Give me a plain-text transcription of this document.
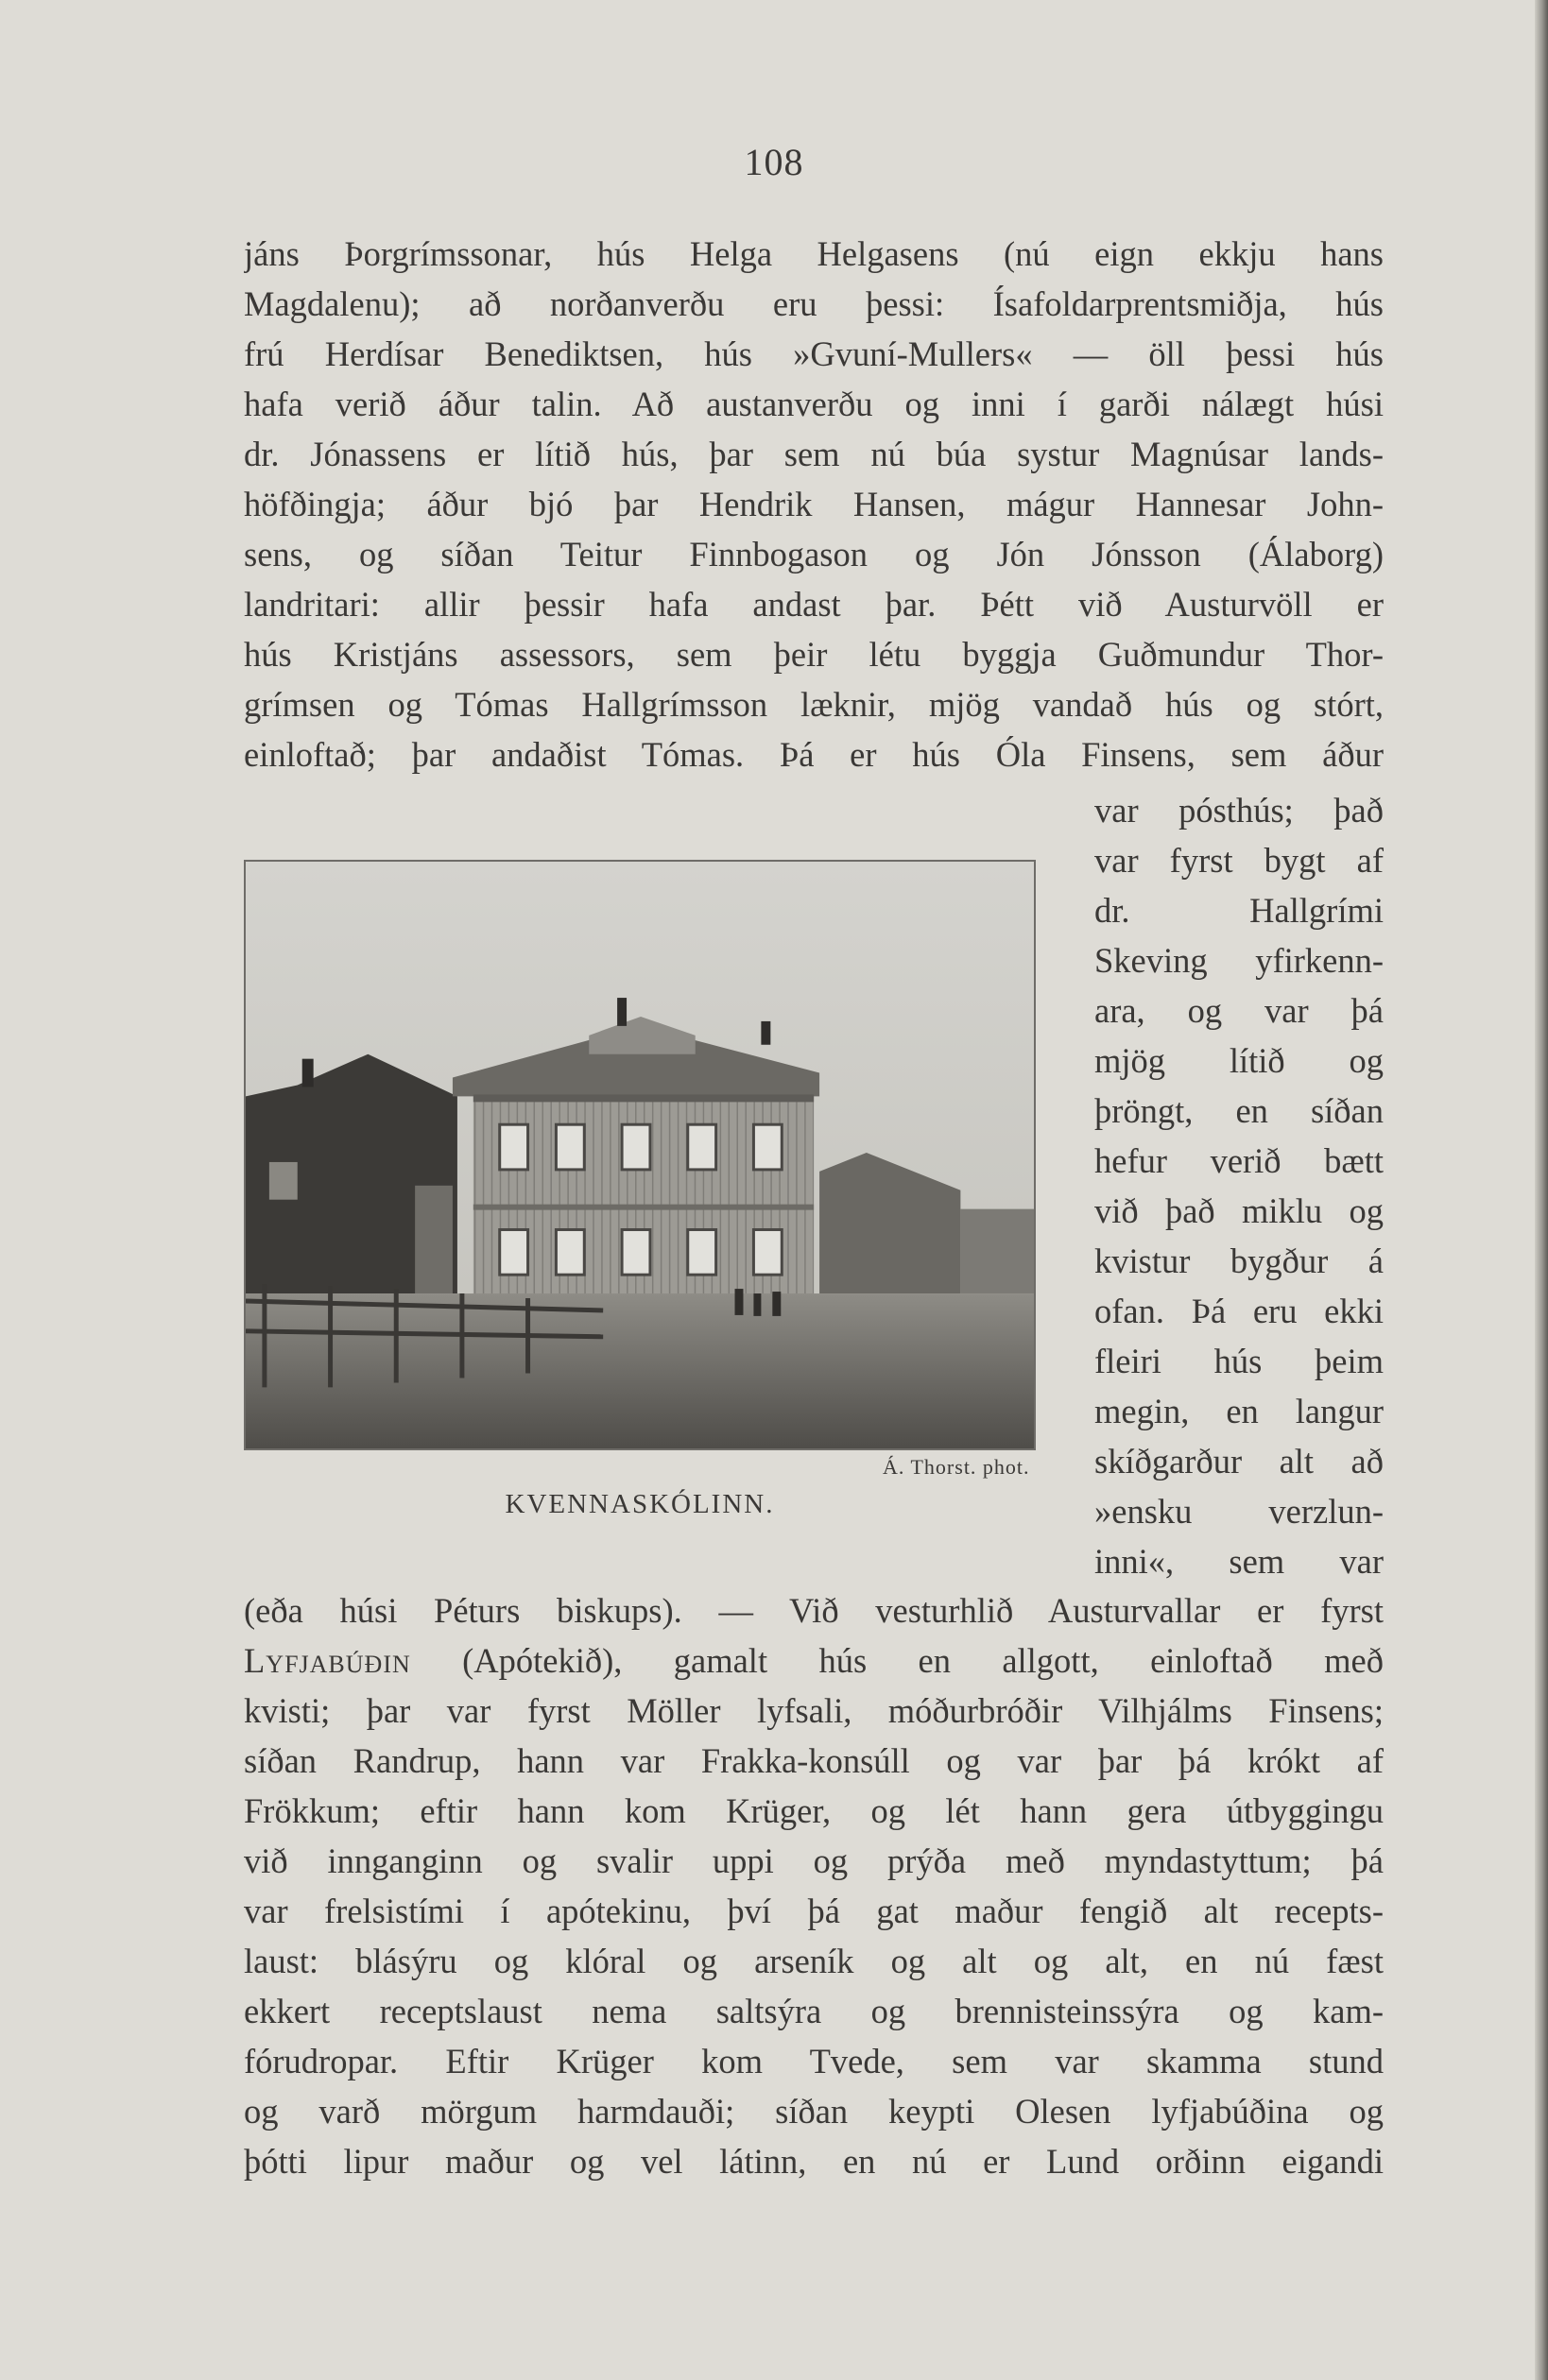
108
jáns Þorgrímssonar, hús Helga Helgasens (nú eign ekkju hans
Magdalenu); að norðanverðu eru þessi: Ísafoldarprentsmiðja, hús
frú Herdísar Benediktsen, hús »Gvuní-Mullers« — öll þessi hús
hafa verið áður talin. Að austanverðu og inni í garði nálægt húsi
dr. Jónassens er lítið hús, þar sem nú búa systur Magnúsar lands-
höfðingja; áður bjó þar Hendrik Hansen, mágur Hannesar John-
sens, og síðan Teitur Finnbogason og Jón Jónsson (Álaborg)
landritari: allir þessir hafa andast þar. Þétt við Austurvöll er
hús Kristjáns assessors, sem þeir létu byggja Guðmundur Thor-
grímsen og Tómas Hallgrímsson læknir, mjög vandað hús og stórt,
einloftað; þar andaðist Tómas. Þá er hús Óla Finsens, sem áður
var pósthús; það
var fyrst bygt af
dr. Hallgrími
Skeving yfirkenn-
ara, og var þá
mjög lítið og
þröngt, en síðan
hefur verið bætt
við það miklu og
kvistur bygður á
ofan. Þá eru ekki
fleiri hús þeim
megin, en langur
skíðgarður alt að
»ensku verzlun-
inni«, sem var
Á. Thorst. phot.
KVENNASKÓLINN.
(eða húsi Péturs biskups). — Við vesturhlið Austurvallar er fyrst
Lyfjabúðin (Apótekið), gamalt hús en allgott, einloftað með
kvisti; þar var fyrst Möller lyfsali, móðurbróðir Vilhjálms Finsens;
síðan Randrup, hann var Frakka-konsúll og var þar þá krókt af
Frökkum; eftir hann kom Krüger, og lét hann gera útbyggingu
við innganginn og svalir uppi og prýða með myndastyttum; þá
var frelsistími í apótekinu, því þá gat maður fengið alt recepts-
laust: blásýru og klóral og arseník og alt og alt, en nú fæst
ekkert receptslaust nema saltsýra og brennisteinssýra og kam-
fórudropar. Eftir Krüger kom Tvede, sem var skamma stund
og varð mörgum harmdauði; síðan keypti Olesen lyfjabúðina og
þótti lipur maður og vel látinn, en nú er Lund orðinn eigandi
